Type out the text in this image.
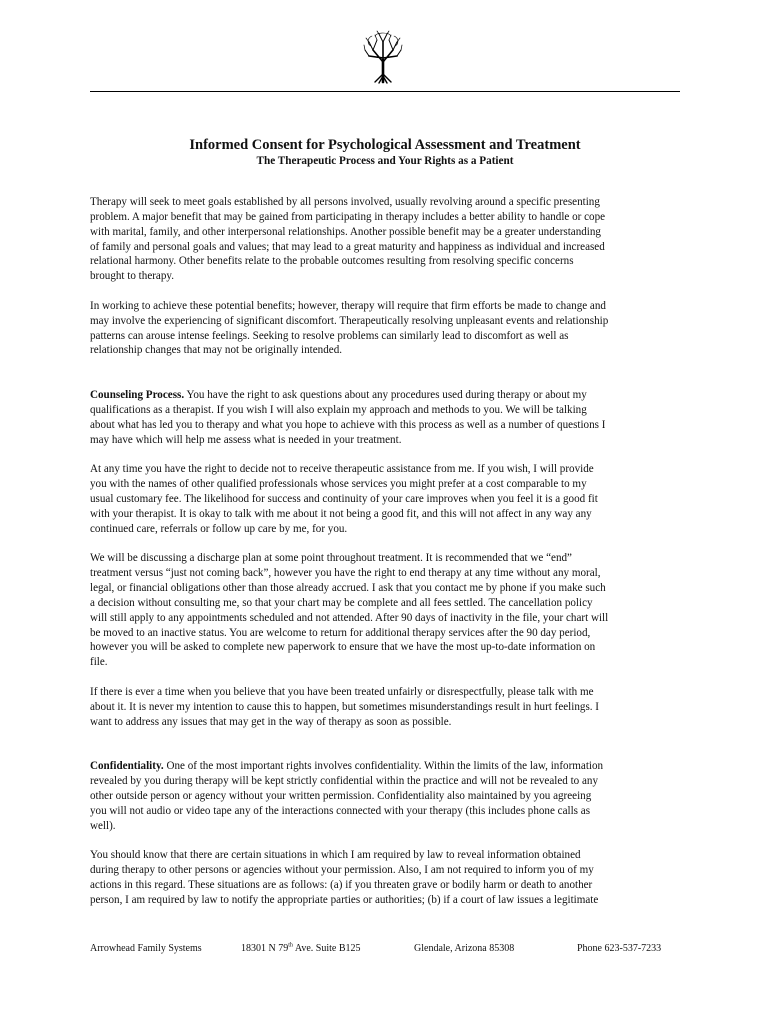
Informed Consent for Psychological Assessment and Treatment
The Therapeutic Process and Your Rights as a Patient
Therapy will seek to meet goals established by all persons involved, usually revolving around a specific presenting
problem. A major benefit that may be gained from participating in therapy includes a better ability to handle or cope
with marital, family, and other interpersonal relationships. Another possible benefit may be a greater understanding
of family and personal goals and values; that may lead to a great maturity and happiness as individual and increased
relational harmony. Other benefits relate to the probable outcomes resulting from resolving specific concerns
brought to therapy.
In working to achieve these potential benefits; however, therapy will require that firm efforts be made to change and
may involve the experiencing of significant discomfort. Therapeutically resolving unpleasant events and relationship
patterns can arouse intense feelings. Seeking to resolve problems can similarly lead to discomfort as well as
relationship changes that may not be originally intended.
Counseling Process. You have the right to ask questions about any procedures used during therapy or about my
qualifications as a therapist. If you wish I will also explain my approach and methods to you. We will be talking
about what has led you to therapy and what you hope to achieve with this process as well as a number of questions I
may have which will help me assess what is needed in your treatment.
At any time you have the right to decide not to receive therapeutic assistance from me. If you wish, I will provide
you with the names of other qualified professionals whose services you might prefer at a cost comparable to my
usual customary fee. The likelihood for success and continuity of your care improves when you feel it is a good fit
with your therapist. It is okay to talk with me about it not being a good fit, and this will not affect in any way any
continued care, referrals or follow up care by me, for you.
We will be discussing a discharge plan at some point throughout treatment. It is recommended that we “end”
treatment versus “just not coming back”, however you have the right to end therapy at any time without any moral,
legal, or financial obligations other than those already accrued. I ask that you contact me by phone if you make such
a decision without consulting me, so that your chart may be complete and all fees settled. The cancellation policy
will still apply to any appointments scheduled and not attended. After 90 days of inactivity in the file, your chart will
be moved to an inactive status. You are welcome to return for additional therapy services after the 90 day period,
however you will be asked to complete new paperwork to ensure that we have the most up-to-date information on
file.
If there is ever a time when you believe that you have been treated unfairly or disrespectfully, please talk with me
about it. It is never my intention to cause this to happen, but sometimes misunderstandings result in hurt feelings. I
want to address any issues that may get in the way of therapy as soon as possible.
Confidentiality. One of the most important rights involves confidentiality. Within the limits of the law, information
revealed by you during therapy will be kept strictly confidential within the practice and will not be revealed to any
other outside person or agency without your written permission. Confidentiality also maintained by you agreeing
you will not audio or video tape any of the interactions connected with your therapy (this includes phone calls as
well).
You should know that there are certain situations in which I am required by law to reveal information obtained
during therapy to other persons or agencies without your permission. Also, I am not required to inform you of my
actions in this regard. These situations are as follows: (a) if you threaten grave or bodily harm or death to another
person, I am required by law to notify the appropriate parties or authorities; (b) if a court of law issues a legitimate
Arrowhead Family Systems	18301 N 79th Ave. Suite B125	Glendale, Arizona 85308	Phone 623-537-7233
